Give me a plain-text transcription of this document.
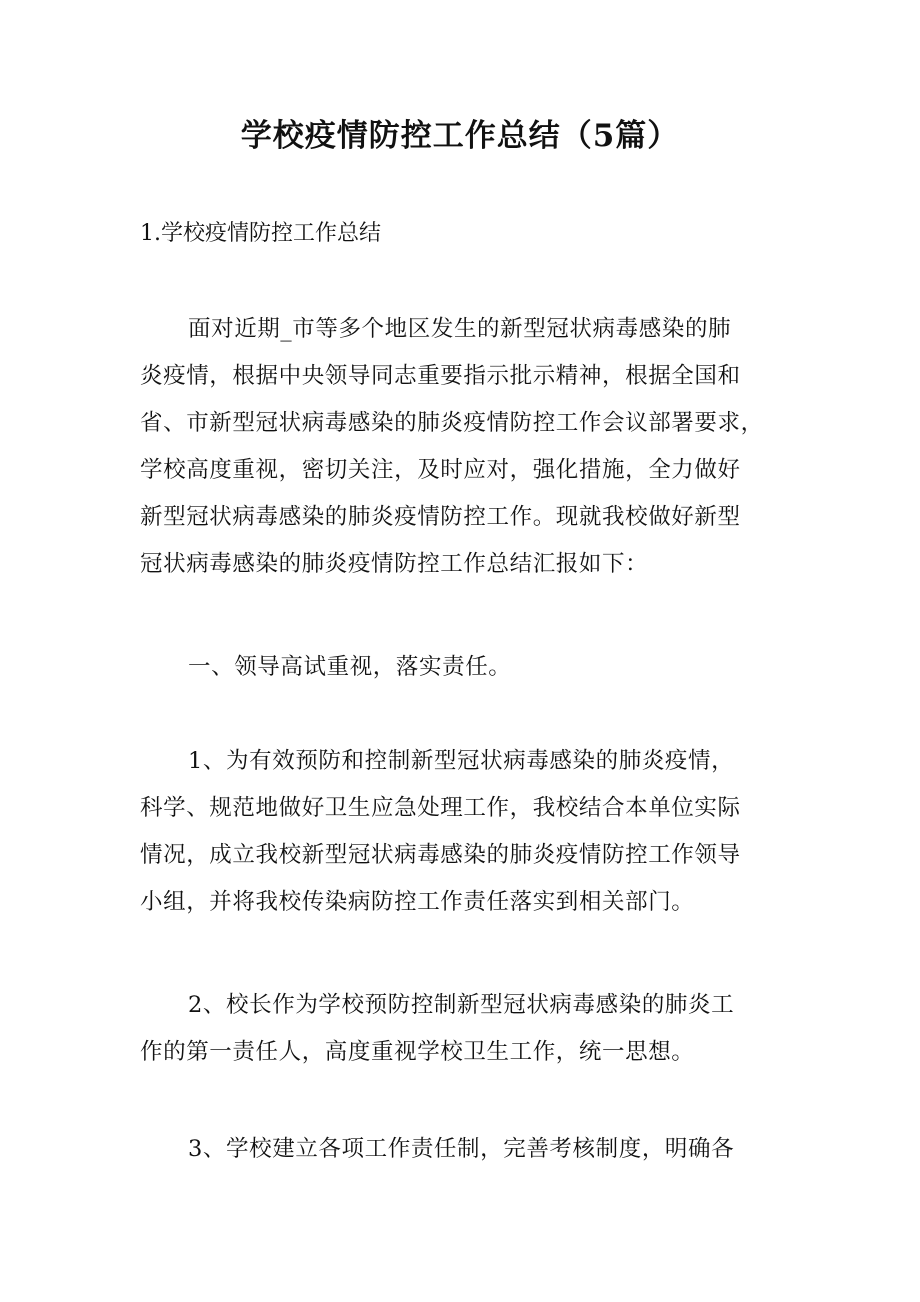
学校疫情防控工作总结（5篇）
1.学校疫情防控工作总结
面对近期_市等多个地区发生的新型冠状病毒感染的肺
炎疫情，根据中央领导同志重要指示批示精神，根据全国和
省、市新型冠状病毒感染的肺炎疫情防控工作会议部署要求，
学校高度重视，密切关注，及时应对，强化措施，全力做好
新型冠状病毒感染的肺炎疫情防控工作。现就我校做好新型
冠状病毒感染的肺炎疫情防控工作总结汇报如下：
一、领导高试重视，落实责任。
1、为有效预防和控制新型冠状病毒感染的肺炎疫情，
科学、规范地做好卫生应急处理工作，我校结合本单位实际
情况，成立我校新型冠状病毒感染的肺炎疫情防控工作领导
小组，并将我校传染病防控工作责任落实到相关部门。
2、校长作为学校预防控制新型冠状病毒感染的肺炎工
作的第一责任人，高度重视学校卫生工作，统一思想。
3、学校建立各项工作责任制，完善考核制度，明确各
